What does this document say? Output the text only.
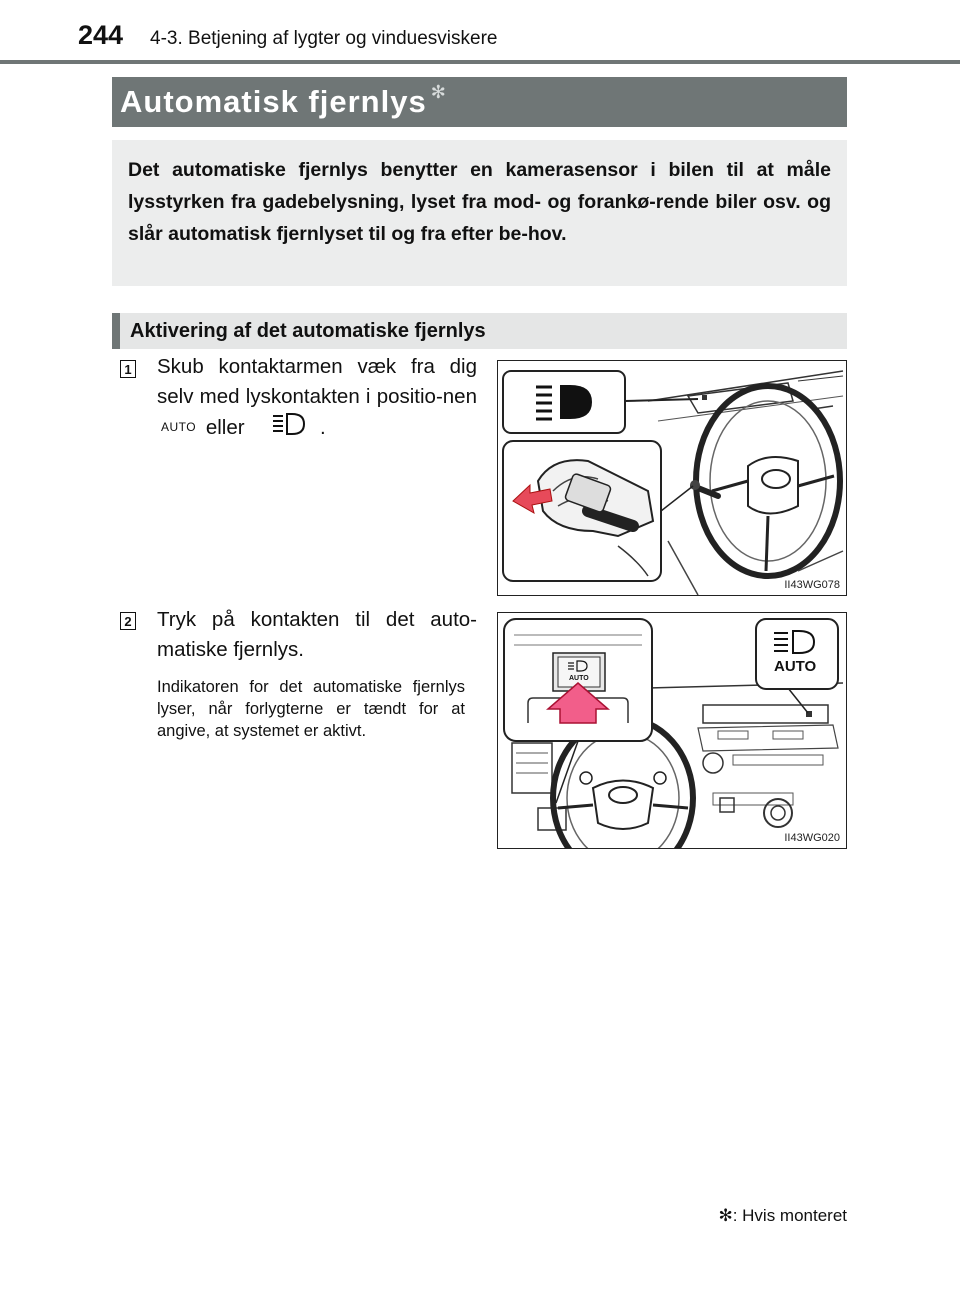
244 4-3. Betjening af lygter og vinduesviskere
Automatisk fjernlys ✻
Det automatiske fjernlys benytter en kamerasensor i bilen til at måle lysstyrken fra gadebelysning, lyset fra mod- og forankø-rende biler osv. og slår automatisk fjernlyset til og fra efter be-hov.
Aktivering af det automatiske fjernlys
1 Skub kontaktarmen væk fra dig selv med lyskontakten i positio-nen AUTO eller	.
II43WG078
2 Tryk på kontakten til det auto-matiske fjernlys.
Indikatoren for det automatiske fjernlys lyser, når forlygterne er tændt for at angive, at systemet er aktivt.
AUTO
AUTO
II43WG020
✻: Hvis monteret
